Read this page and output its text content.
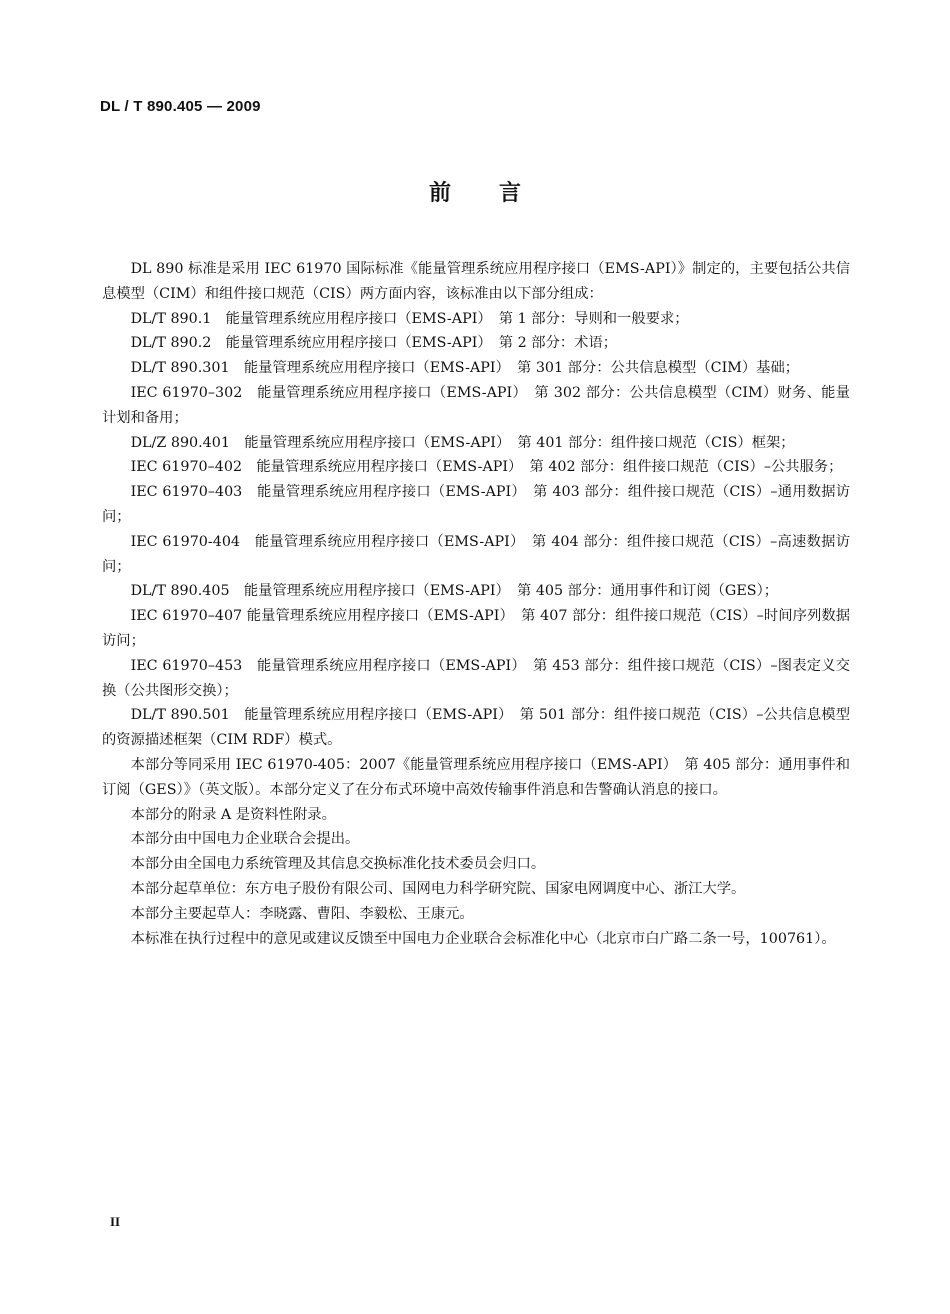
DL / T 890.405 — 2009
前 言

DL 890 标准是采用 IEC 61970 国际标准《能量管理系统应用程序接口（EMS-API）》制定的，主要包括公共信息模型（CIM）和组件接口规范（CIS）两方面内容，该标准由以下部分组成：

DL/T 890.1　能量管理系统应用程序接口（EMS-API）　第 1 部分：导则和一般要求；

DL/T 890.2　能量管理系统应用程序接口（EMS-API）　第 2 部分：术语；

DL/T 890.301　能量管理系统应用程序接口（EMS-API）　第 301 部分：公共信息模型（CIM）基础；

IEC 61970–302　能量管理系统应用程序接口（EMS-API）　第 302 部分：公共信息模型（CIM）财务、能量计划和备用；

DL/Z 890.401　能量管理系统应用程序接口（EMS-API）　第 401 部分：组件接口规范（CIS）框架；

IEC 61970–402　能量管理系统应用程序接口（EMS-API）　第 402 部分：组件接口规范（CIS）–公共服务；

IEC 61970–403　能量管理系统应用程序接口（EMS-API）　第 403 部分：组件接口规范（CIS）–通用数据访问；

IEC 61970-404　能量管理系统应用程序接口（EMS-API）　第 404 部分：组件接口规范（CIS）–高速数据访问；

DL/T 890.405　能量管理系统应用程序接口（EMS-API）　第 405 部分：通用事件和订阅（GES）；

IEC 61970–407 能量管理系统应用程序接口（EMS-API）　第 407 部分：组件接口规范（CIS）–时间序列数据访问；

IEC 61970–453　能量管理系统应用程序接口（EMS-API）　第 453 部分：组件接口规范（CIS）–图表定义交换（公共图形交换）；

DL/T 890.501　能量管理系统应用程序接口（EMS-API）　第 501 部分：组件接口规范（CIS）–公共信息模型的资源描述框架（CIM RDF）模式。

本部分等同采用 IEC 61970-405：2007《能量管理系统应用程序接口（EMS-API）　第 405 部分：通用事件和订阅（GES）》（英文版）。本部分定义了在分布式环境中高效传输事件消息和告警确认消息的接口。

本部分的附录 A 是资料性附录。

本部分由中国电力企业联合会提出。

本部分由全国电力系统管理及其信息交换标准化技术委员会归口。

本部分起草单位：东方电子股份有限公司、国网电力科学研究院、国家电网调度中心、浙江大学。

本部分主要起草人：李晓露、曹阳、李毅松、王康元。

本标准在执行过程中的意见或建议反馈至中国电力企业联合会标准化中心（北京市白广路二条一号，100761）。

II
